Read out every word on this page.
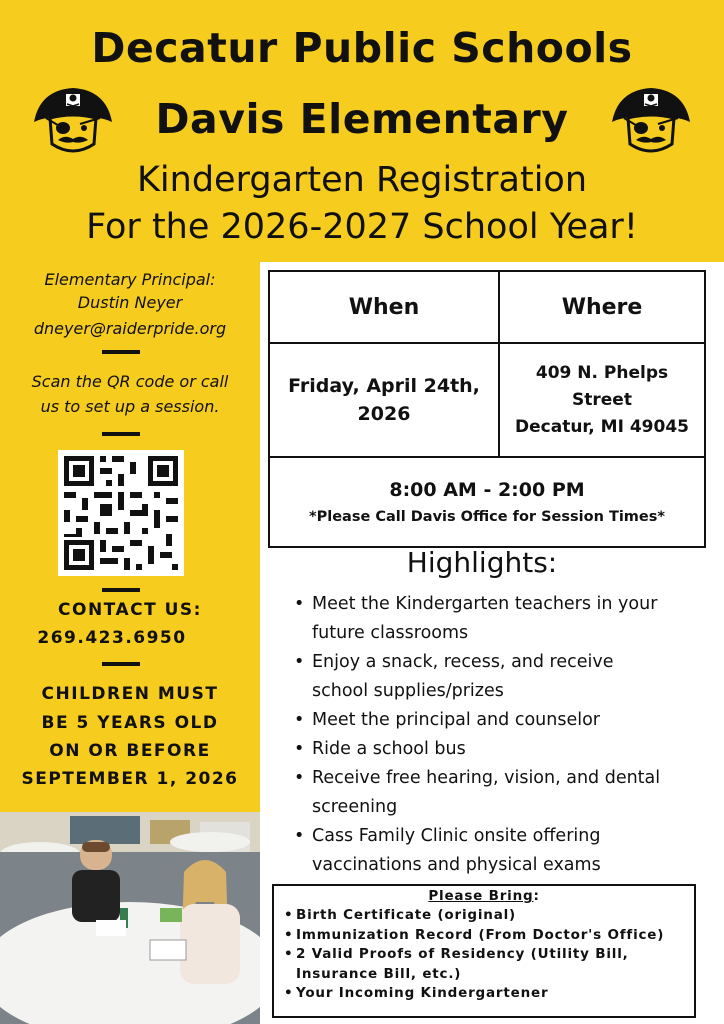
Decatur Public Schools
Davis Elementary
Kindergarten Registration
For the 2026-2027 School Year!
Elementary Principal:
Dustin Neyer
dneyer@raiderpride.org
Scan the QR code or call
us to set up a session.
CONTACT US:
269.423.6950
CHILDREN MUST
BE 5 YEARS OLD
ON OR BEFORE
SEPTEMBER 1, 2026
When	Where
Friday, April 24th,
2026
409 N. Phelps
Street
Decatur, MI 49045
8:00 AM - 2:00 PM
*Please Call Davis Office for Session Times*
Highlights:
• Meet the Kindergarten teachers in your
future classrooms
• Enjoy a snack, recess, and receive
school supplies/prizes
• Meet the principal and counselor
• Ride a school bus
• Receive free hearing, vision, and dental
screening
• Cass Family Clinic onsite offering
vaccinations and physical exams
Please Bring:
• Birth Certificate (original)
• Immunization Record (From Doctor's Office)
• 2 Valid Proofs of Residency (Utility Bill,
Insurance Bill, etc.)
• Your Incoming Kindergartener
